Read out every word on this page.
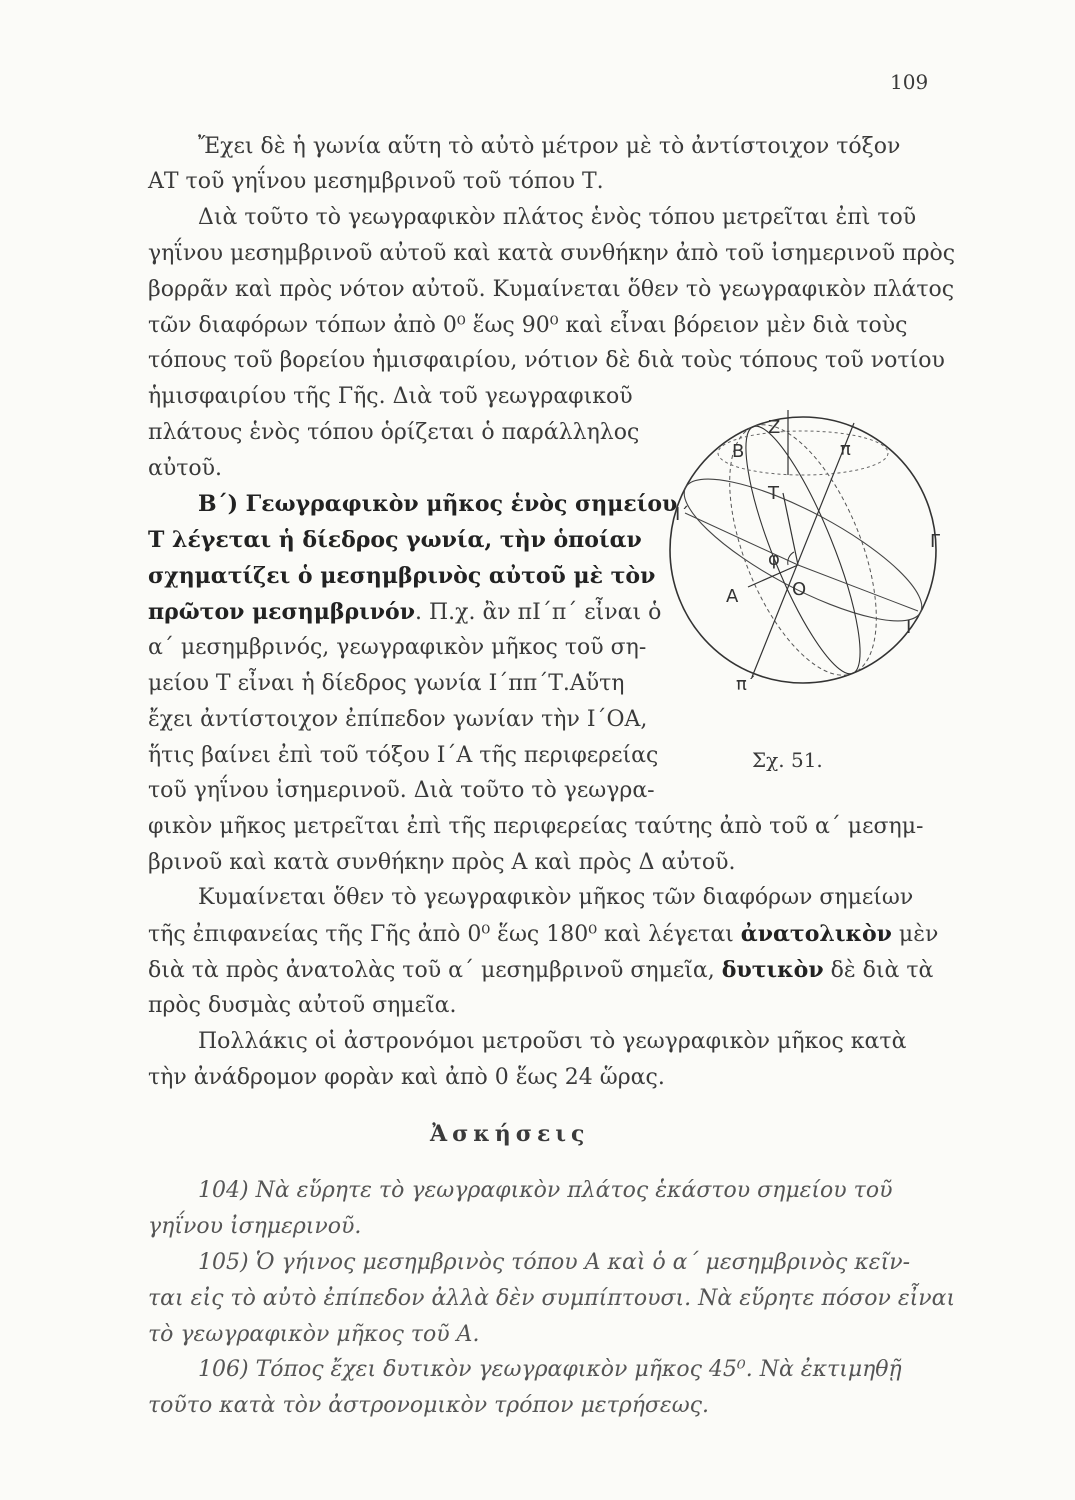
109
Ἔχει δὲ ἡ γωνία αὕτη τὸ αὐτὸ μέτρον μὲ τὸ ἀντίστοιχον τόξον
ΑΤ τοῦ γηΐνου μεσημβρινοῦ τοῦ τόπου Τ.
Διὰ τοῦτο τὸ γεωγραφικὸν πλάτος ἑνὸς τόπου μετρεῖται ἐπὶ τοῦ
γηΐνου μεσημβρινοῦ αὐτοῦ καὶ κατὰ συνθήκην ἀπὸ τοῦ ἰσημερινοῦ πρὸς
βορρᾶν καὶ πρὸς νότον αὐτοῦ. Κυμαίνεται ὅθεν τὸ γεωγραφικὸν πλάτος
τῶν διαφόρων τόπων ἀπὸ 0⁰ ἕως 90⁰ καὶ εἶναι βόρειον μὲν διὰ τοὺς
τόπους τοῦ βορείου ἡμισφαιρίου, νότιον δὲ διὰ τοὺς τόπους τοῦ νοτίου
ἡμισφαιρίου τῆς Γῆς. Διὰ τοῦ γεωγραφικοῦ
πλάτους ἑνὸς τόπου ὁρίζεται ὁ παράλληλος
αὐτοῦ.
Β΄) Γεωγραφικὸν μῆκος ἑνὸς σημείου
Τ λέγεται ἡ δίεδρος γωνία, τὴν ὁποίαν
σχηματίζει ὁ μεσημβρινὸς αὐτοῦ μὲ τὸν
πρῶτον μεσημβρινόν. Π.χ. ἂν πΙ΄π΄ εἶναι ὁ
α΄ μεσημβρινός, γεωγραφικὸν μῆκος τοῦ ση-
μείου Τ εἶναι ἡ δίεδρος γωνία Ι΄ππ΄Τ.Αὕτη
ἔχει ἀντίστοιχον ἐπίπεδον γωνίαν τὴν Ι΄ΟΑ,
ἥτις βαίνει ἐπὶ τοῦ τόξου Ι΄Α τῆς περιφερείας
τοῦ γηΐνου ἰσημερινοῦ. Διὰ τοῦτο τὸ γεωγρα-
φικὸν μῆκος μετρεῖται ἐπὶ τῆς περιφερείας ταύτης ἀπὸ τοῦ α΄ μεσημ-
βρινοῦ καὶ κατὰ συνθήκην πρὸς Α καὶ πρὸς Δ αὐτοῦ.
Κυμαίνεται ὅθεν τὸ γεωγραφικὸν μῆκος τῶν διαφόρων σημείων
τῆς ἐπιφανείας τῆς Γῆς ἀπὸ 0⁰ ἕως 180⁰ καὶ λέγεται ἀνατολικὸν μὲν
διὰ τὰ πρὸς ἀνατολὰς τοῦ α΄ μεσημβρινοῦ σημεῖα, δυτικὸν δὲ διὰ τὰ
πρὸς δυσμὰς αὐτοῦ σημεῖα.
Πολλάκις οἱ ἀστρονόμοι μετροῦσι τὸ γεωγραφικὸν μῆκος κατὰ
τὴν ἀνάδρομον φορὰν καὶ ἀπὸ 0 ἕως 24 ὥρας.
Ἀσκήσεις
104) Νὰ εὕρητε τὸ γεωγραφικὸν πλάτος ἑκάστου σημείου τοῦ
γηΐνου ἰσημερινοῦ.
105) Ὁ γήινος μεσημβρινὸς τόπου Α καὶ ὁ α΄ μεσημβρινὸς κεῖν-
ται εἰς τὸ αὐτὸ ἐπίπεδον ἀλλὰ δὲν συμπίπτουσι. Νὰ εὕρητε πόσον εἶναι
τὸ γεωγραφικὸν μῆκος τοῦ Α.
106) Τόπος ἔχει δυτικὸν γεωγραφικὸν μῆκος 45⁰. Νὰ ἐκτιμηθῇ
τοῦτο κατὰ τὸν ἀστρονομικὸν τρόπον μετρήσεως.
Z
B	π
T
I΄
Γ
φ
A	O
I
π΄
Σχ. 51.
